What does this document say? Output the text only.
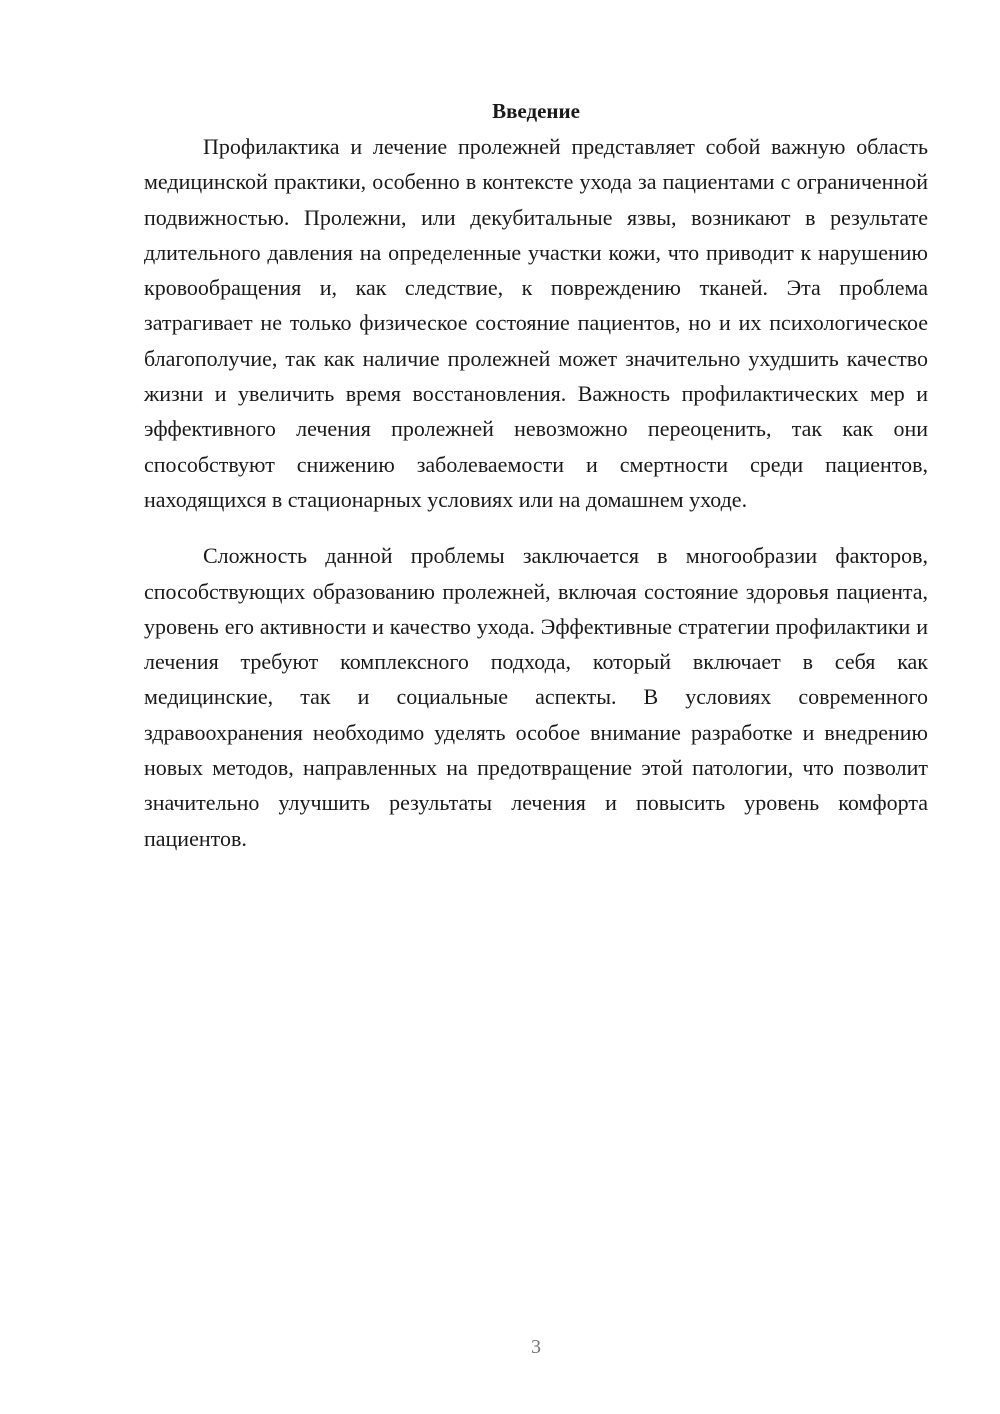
Введение

Профилактика и лечение пролежней представляет собой важную область медицинской практики, особенно в контексте ухода за пациентами с ограниченной подвижностью. Пролежни, или декубитальные язвы, возникают в результате длительного давления на определенные участки кожи, что приводит к нарушению кровообращения и, как следствие, к повреждению тканей. Эта проблема затрагивает не только физическое состояние пациентов, но и их психологическое благополучие, так как наличие пролежней может значительно ухудшить качество жизни и увеличить время восстановления. Важность профилактических мер и эффективного лечения пролежней невозможно переоценить, так как они способствуют снижению заболеваемости и смертности среди пациентов, находящихся в стационарных условиях или на домашнем уходе.

Сложность данной проблемы заключается в многообразии факторов, способствующих образованию пролежней, включая состояние здоровья пациента, уровень его активности и качество ухода. Эффективные стратегии профилактики и лечения требуют комплексного подхода, который включает в себя как медицинские, так и социальные аспекты. В условиях современного здравоохранения необходимо уделять особое внимание разработке и внедрению новых методов, направленных на предотвращение этой патологии, что позволит значительно улучшить результаты лечения и повысить уровень комфорта пациентов.

3
